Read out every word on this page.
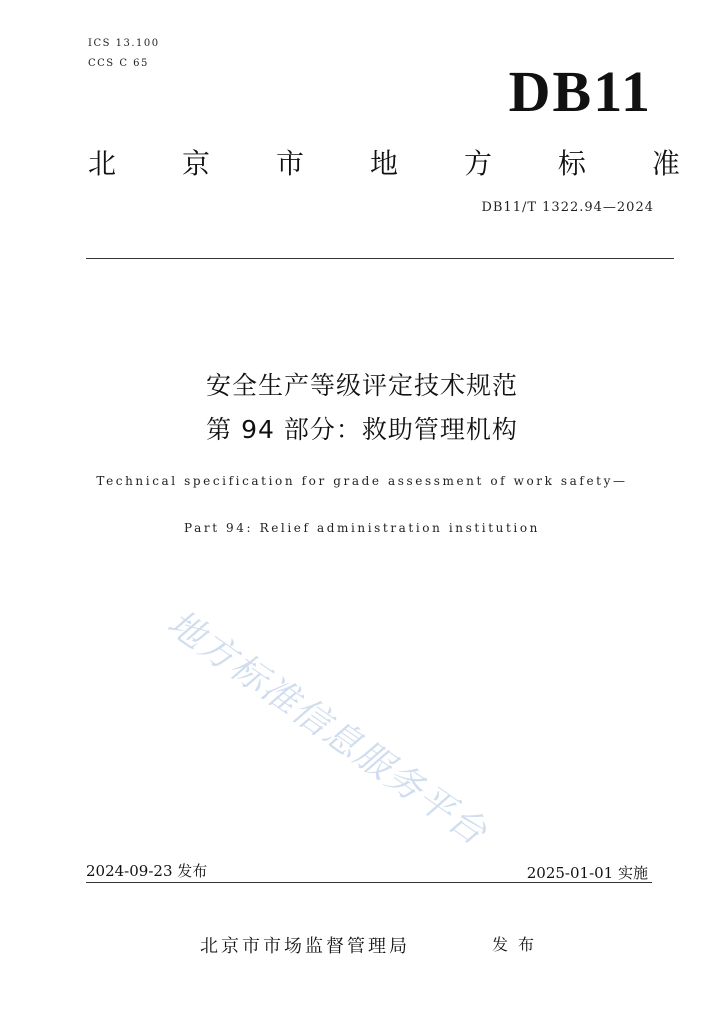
ICS 13.100
CCS C 65	DB11
北 京 市 地 方 标 准
DB11/T 1322.94—2024
安全生产等级评定技术规范
第 94 部分：救助管理机构
Technical specification for grade assessment of work safety—
Part 94: Relief administration institution
地方标准信息服务平台
2024-09-23 发布	2025-01-01 实施
北京市市场监督管理局	发布
